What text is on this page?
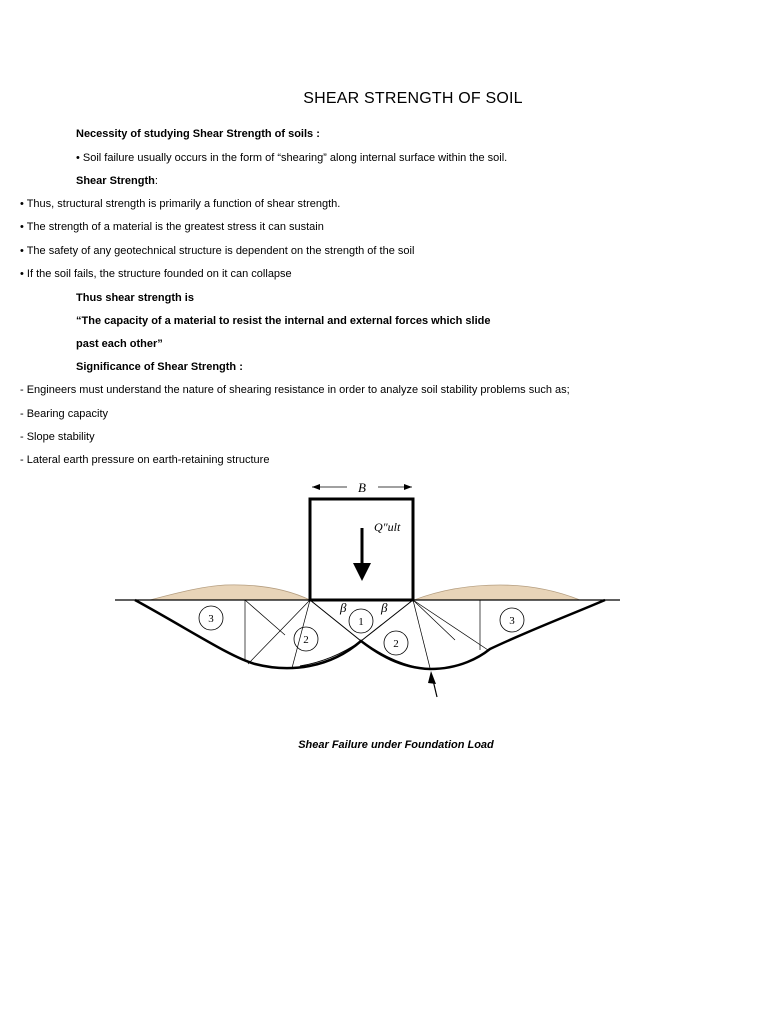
SHEAR STRENGTH OF SOIL
Necessity of studying Shear Strength of soils :
• Soil failure usually occurs in the form of “shearing” along internal surface within the soil.
Shear Strength:
• Thus, structural strength is primarily a function of shear strength.
• The strength of a material is the greatest stress it can sustain
• The safety of any geotechnical structure is dependent on the strength of the soil
• If the soil fails, the structure founded on it can collapse
Thus shear strength is
“The capacity of a material to resist the internal and external forces which slide
past each other”
Significance of Shear Strength :
- Engineers must understand the nature of shearing resistance in order to analyze soil stability problems such as;
- Bearing capacity
- Slope stability
- Lateral earth pressure on earth-retaining structure
B
Q″ult
β	β
3
2
1
2
3
Shear Failure under Foundation Load
